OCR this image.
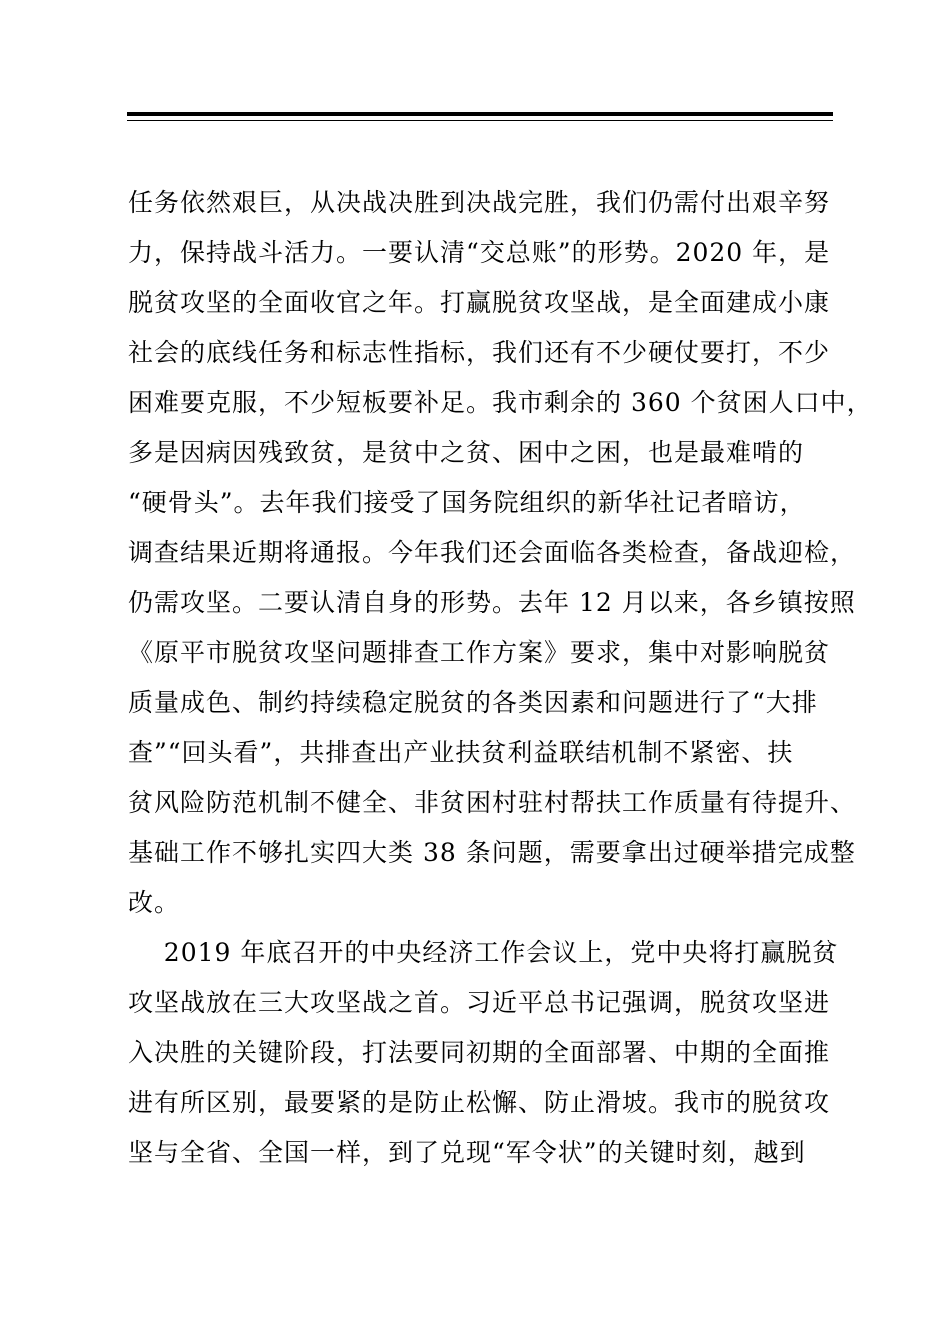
任务依然艰巨，从决战决胜到决战完胜，我们仍需付出艰辛努
力，保持战斗活力。一要认清“交总账”的形势。2020 年，是
脱贫攻坚的全面收官之年。打赢脱贫攻坚战，是全面建成小康
社会的底线任务和标志性指标，我们还有不少硬仗要打，不少
困难要克服，不少短板要补足。我市剩余的 360 个贫困人口中，
多是因病因残致贫，是贫中之贫、困中之困，也是最难啃的
“硬骨头”。去年我们接受了国务院组织的新华社记者暗访，
调查结果近期将通报。今年我们还会面临各类检查，备战迎检，
仍需攻坚。二要认清自身的形势。去年 12 月以来，各乡镇按照
《原平市脱贫攻坚问题排查工作方案》要求，集中对影响脱贫
质量成色、制约持续稳定脱贫的各类因素和问题进行了“大排
查”“回头看”，共排查出产业扶贫利益联结机制不紧密、扶
贫风险防范机制不健全、非贫困村驻村帮扶工作质量有待提升、
基础工作不够扎实四大类 38 条问题，需要拿出过硬举措完成整
改。
2019 年底召开的中央经济工作会议上，党中央将打赢脱贫
攻坚战放在三大攻坚战之首。习近平总书记强调，脱贫攻坚进
入决胜的关键阶段，打法要同初期的全面部署、中期的全面推
进有所区别，最要紧的是防止松懈、防止滑坡。我市的脱贫攻
坚与全省、全国一样，到了兑现“军令状”的关键时刻，越到
